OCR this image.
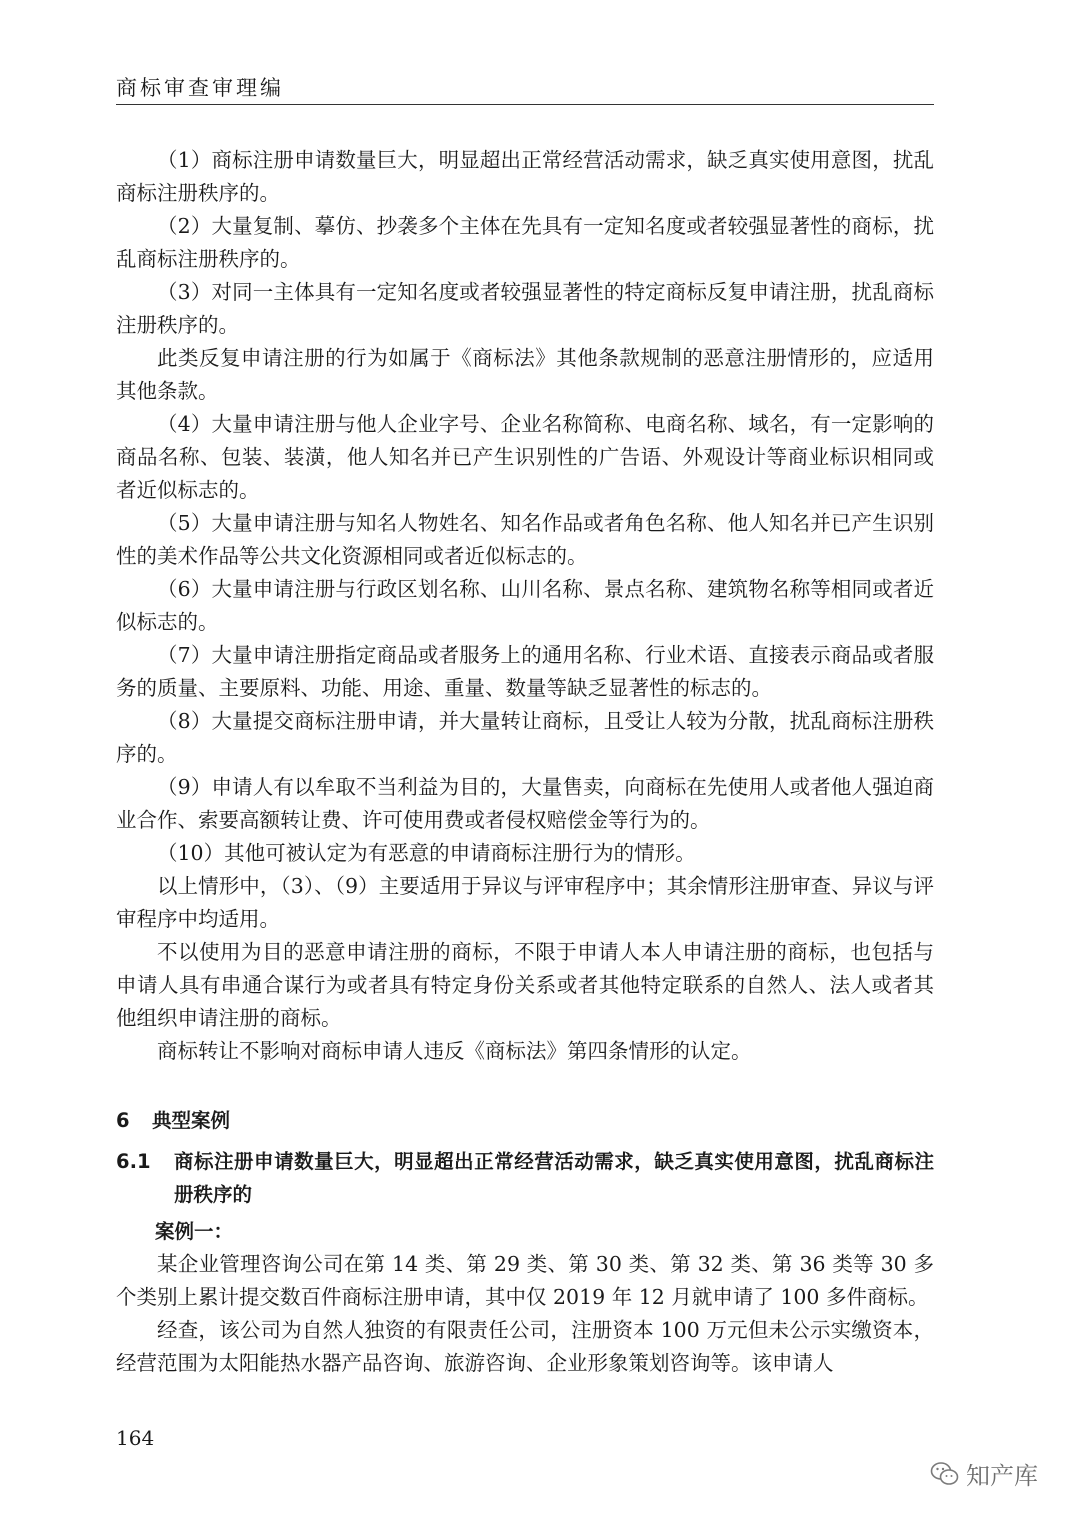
商标审查审理编

（1）商标注册申请数量巨大，明显超出正常经营活动需求，缺乏真实使用意图，扰乱商标注册秩序的。

（2）大量复制、摹仿、抄袭多个主体在先具有一定知名度或者较强显著性的商标，扰乱商标注册秩序的。

（3）对同一主体具有一定知名度或者较强显著性的特定商标反复申请注册，扰乱商标注册秩序的。

此类反复申请注册的行为如属于《商标法》其他条款规制的恶意注册情形的，应适用其他条款。

（4）大量申请注册与他人企业字号、企业名称简称、电商名称、域名，有一定影响的商品名称、包装、装潢，他人知名并已产生识别性的广告语、外观设计等商业标识相同或者近似标志的。

（5）大量申请注册与知名人物姓名、知名作品或者角色名称、他人知名并已产生识别性的美术作品等公共文化资源相同或者近似标志的。

（6）大量申请注册与行政区划名称、山川名称、景点名称、建筑物名称等相同或者近似标志的。

（7）大量申请注册指定商品或者服务上的通用名称、行业术语、直接表示商品或者服务的质量、主要原料、功能、用途、重量、数量等缺乏显著性的标志的。

（8）大量提交商标注册申请，并大量转让商标，且受让人较为分散，扰乱商标注册秩序的。

（9）申请人有以牟取不当利益为目的，大量售卖，向商标在先使用人或者他人强迫商业合作、索要高额转让费、许可使用费或者侵权赔偿金等行为的。

（10）其他可被认定为有恶意的申请商标注册行为的情形。

以上情形中，（3）、（9）主要适用于异议与评审程序中；其余情形注册审查、异议与评审程序中均适用。

不以使用为目的恶意申请注册的商标，不限于申请人本人申请注册的商标，也包括与申请人具有串通合谋行为或者具有特定身份关系或者其他特定联系的自然人、法人或者其他组织申请注册的商标。

商标转让不影响对商标申请人违反《商标法》第四条情形的认定。

6 典型案例
6.1	商标注册申请数量巨大，明显超出正常经营活动需求，缺乏真实使用意图，扰乱商标注册秩序的
案例一：

某企业管理咨询公司在第 14 类、第 29 类、第 30 类、第 32 类、第 36 类等 30 多个类别上累计提交数百件商标注册申请，其中仅 2019 年 12 月就申请了 100 多件商标。

经查，该公司为自然人独资的有限责任公司，注册资本 100 万元但未公示实缴资本，经营范围为太阳能热水器产品咨询、旅游咨询、企业形象策划咨询等。该申请人

164
知产库
